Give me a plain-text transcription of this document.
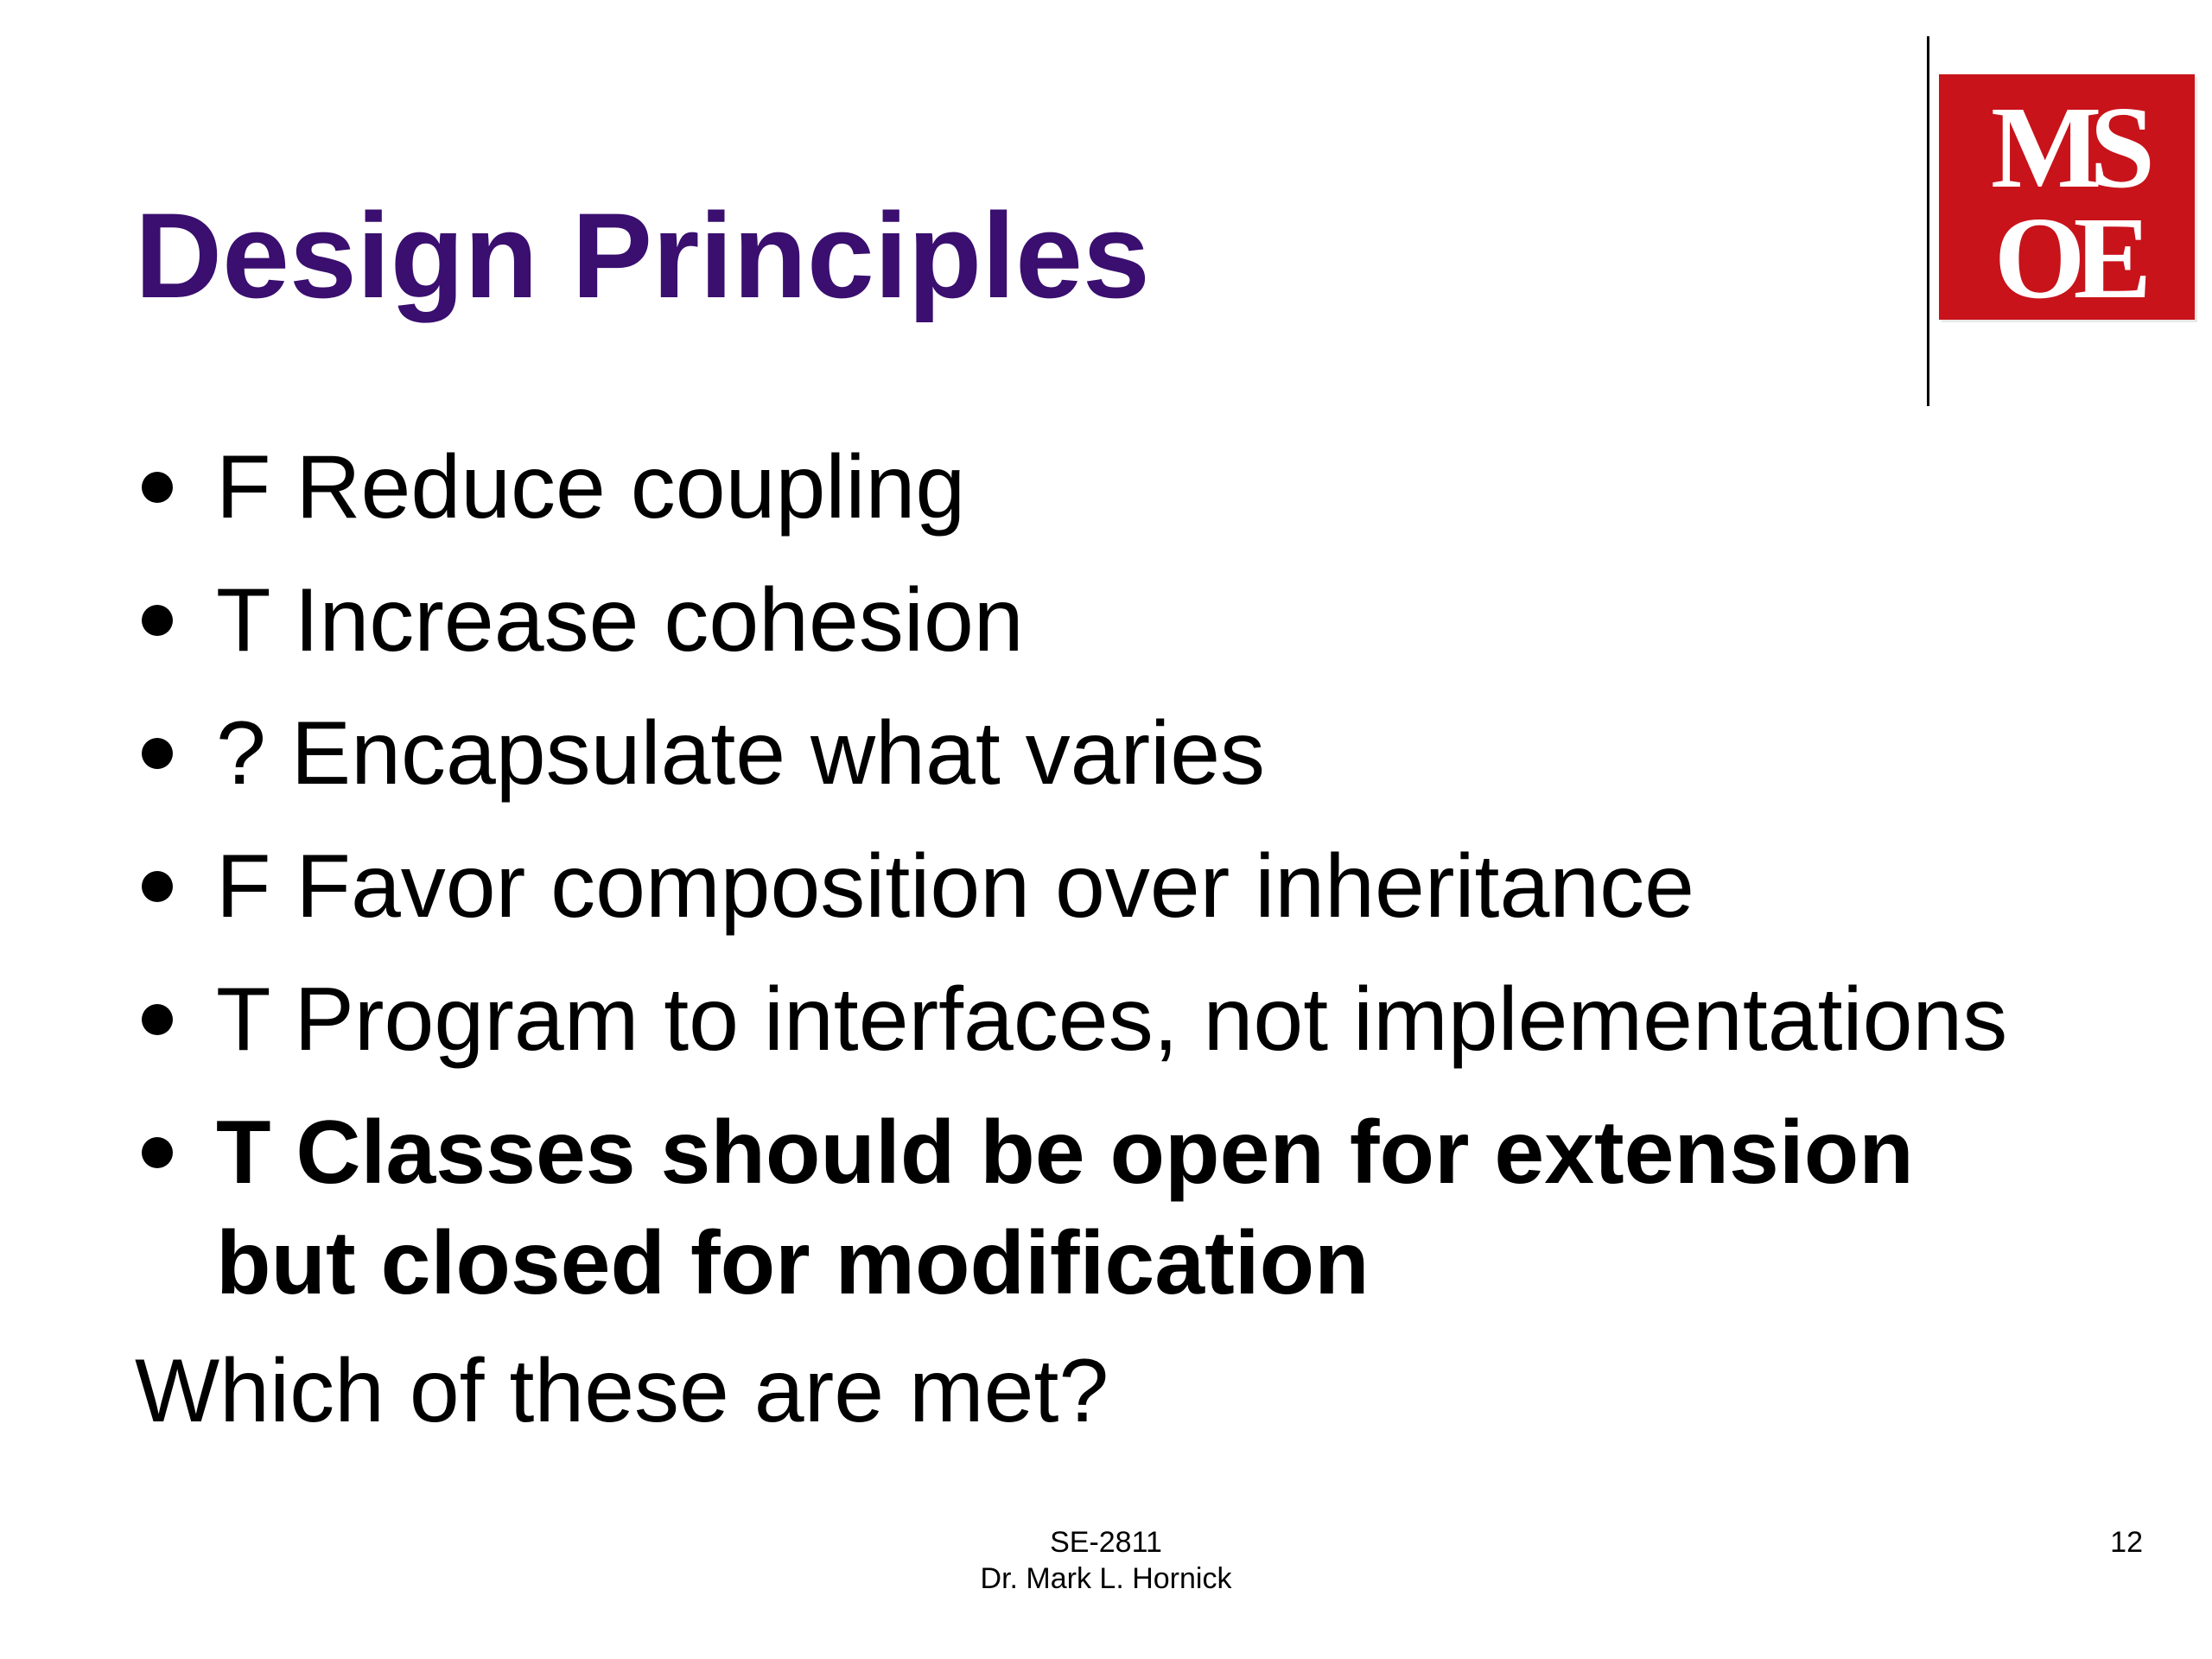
Design Principles
MS
OE
F Reduce coupling
T Increase cohesion
? Encapsulate what varies
F Favor composition over inheritance
T Program to interfaces, not implementations
T Classes should be open for extension but closed for modification
Which of these are met?
SE-2811
Dr. Mark L. Hornick
12
